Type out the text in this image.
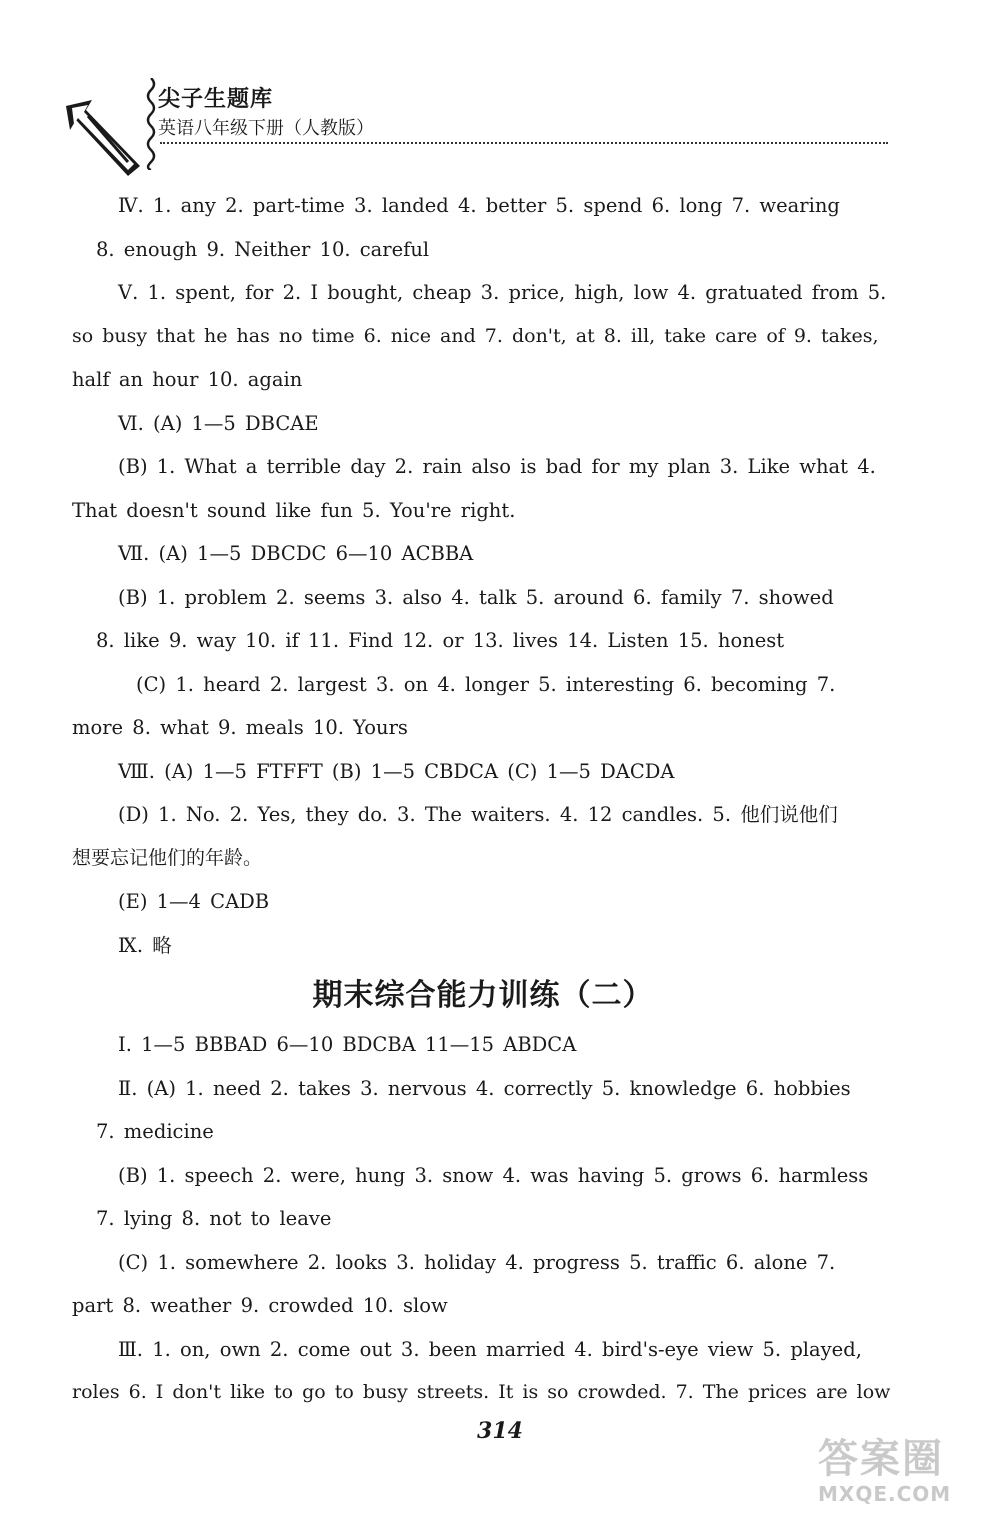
尖子生题库
英语八年级下册（人教版）
Ⅳ. 1. any 2. part-time 3. landed 4. better 5. spend 6. long 7. wearing
8. enough 9. Neither 10. careful
Ⅴ. 1. spent, for 2. I bought, cheap 3. price, high, low 4. gratuated from 5.
so busy that he has no time 6. nice and 7. don't, at 8. ill, take care of 9. takes,
half an hour 10. again
Ⅵ. (A) 1—5 DBCAE
(B) 1. What a terrible day 2. rain also is bad for my plan 3. Like what 4.
That doesn't sound like fun 5. You're right.
Ⅶ. (A) 1—5 DBCDC 6—10 ACBBA
(B) 1. problem 2. seems 3. also 4. talk 5. around 6. family 7. showed
8. like 9. way 10. if 11. Find 12. or 13. lives 14. Listen 15. honest
(C) 1. heard 2. largest 3. on 4. longer 5. interesting 6. becoming 7.
more 8. what 9. meals 10. Yours
Ⅷ. (A) 1—5 FTFFT (B) 1—5 CBDCA (C) 1—5 DACDA
(D) 1. No. 2. Yes, they do. 3. The waiters. 4. 12 candles. 5. 他们说他们
想要忘记他们的年龄。
(E) 1—4 CADB
Ⅸ. 略
期末综合能力训练（二）
Ⅰ. 1—5 BBBAD 6—10 BDCBA 11—15 ABDCA
Ⅱ. (A) 1. need 2. takes 3. nervous 4. correctly 5. knowledge 6. hobbies
7. medicine
(B) 1. speech 2. were, hung 3. snow 4. was having 5. grows 6. harmless
7. lying 8. not to leave
(C) 1. somewhere 2. looks 3. holiday 4. progress 5. traffic 6. alone 7.
part 8. weather 9. crowded 10. slow
Ⅲ. 1. on, own 2. come out 3. been married 4. bird's-eye view 5. played,
roles 6. I don't like to go to busy streets. It is so crowded. 7. The prices are low
314
答案圈
MXQE.COM
